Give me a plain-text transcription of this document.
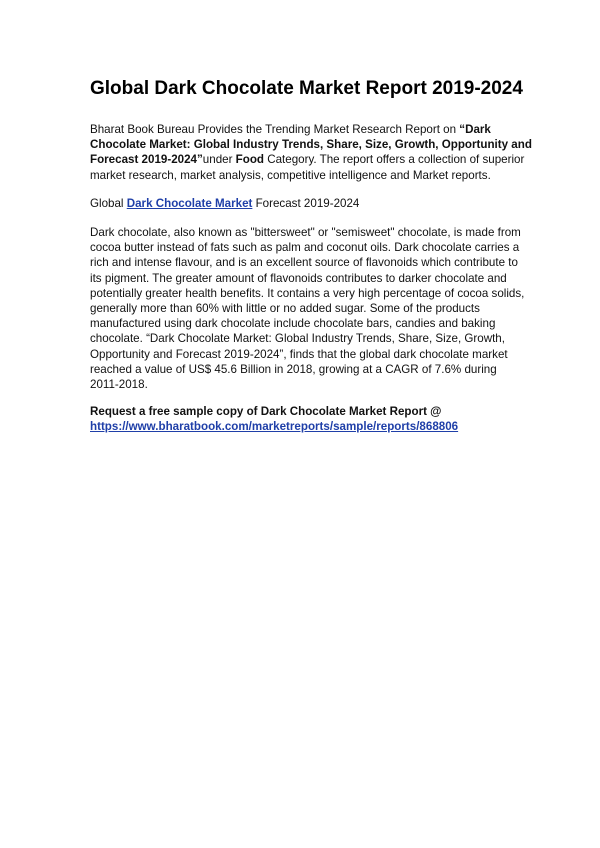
Global Dark Chocolate Market Report 2019-2024

Bharat Book Bureau Provides the Trending Market Research Report on “Dark
Chocolate Market: Global Industry Trends, Share, Size, Growth, Opportunity and
Forecast 2019-2024”under Food Category. The report offers a collection of superior
market research, market analysis, competitive intelligence and Market reports.

Global Dark Chocolate Market Forecast 2019-2024

Dark chocolate, also known as "bittersweet" or "semisweet" chocolate, is made from
cocoa butter instead of fats such as palm and coconut oils. Dark chocolate carries a
rich and intense flavour, and is an excellent source of flavonoids which contribute to
its pigment. The greater amount of flavonoids contributes to darker chocolate and
potentially greater health benefits. It contains a very high percentage of cocoa solids,
generally more than 60% with little or no added sugar. Some of the products
manufactured using dark chocolate include chocolate bars, candies and baking
chocolate. “Dark Chocolate Market: Global Industry Trends, Share, Size, Growth,
Opportunity and Forecast 2019-2024”, finds that the global dark chocolate market
reached a value of US$ 45.6 Billion in 2018, growing at a CAGR of 7.6% during
2011-2018.

Request a free sample copy of Dark Chocolate Market Report @
https://www.bharatbook.com/marketreports/sample/reports/868806
